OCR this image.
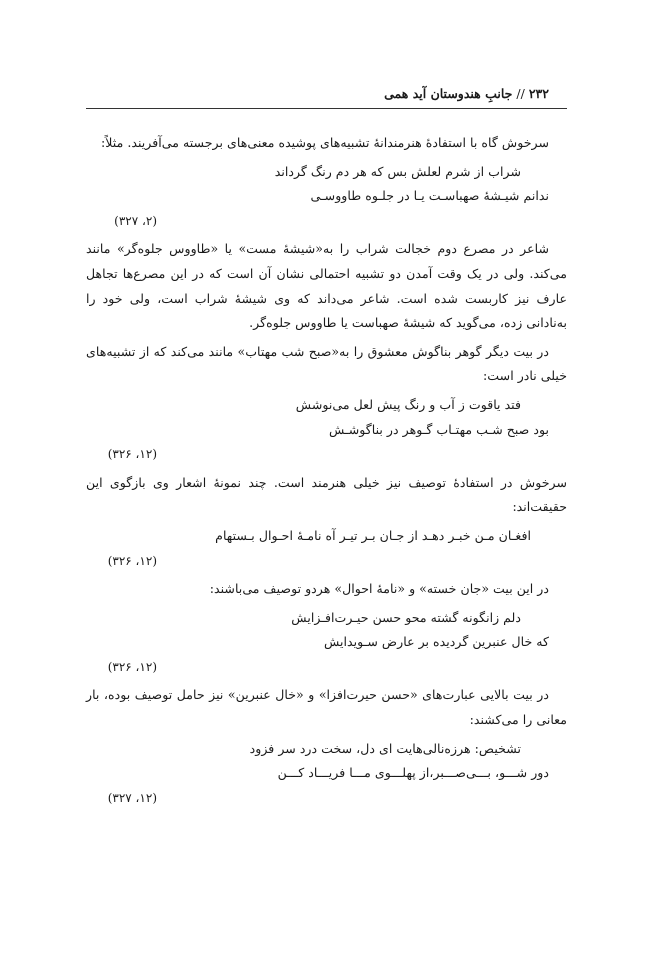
۲۳۲
//
جانبِ هندوستان آید همی

سرخوش گاه با استفادهٔ هنرمندانهٔ تشبیه‌های پوشیده معنی‌های برجسته می‌آفریند. مثلاً:

شراب از شرم لعلش بس که هر دم رنگ گرداند

ندانم شیـشهٔ صهباسـت یـا در جلـوه طاووسـی

(۲، ۳۲۷)

شاعر در مصرع دوم خجالت شراب را به«شیشهٔ مست» یا «طاووس جلوه‌گر» مانند می‌کند. ولی در یک وقت آمدن دو تشبیه احتمالی نشان آن است که در این مصرع‌ها تجاهل عارف نیز کاربست شده است. شاعر می‌داند که وی شیشهٔ شراب است، ولی خود را به‌نادانی زده، می‌گوید که شیشهٔ صهباست یا طاووس جلوه‌گر.

در بیت دیگر گوهر بناگوش معشوق را به«صبح شب مهتاب» مانند می‌کند که از تشبیه‌های خیلی نادر است:

فتد یاقوت ز آب و رنگ پیش لعل می‌نوشش

بود صبح شـب مهتـاب گـوهر در بناگوشـش

(۱۲، ۳۲۶)

سرخوش در استفادهٔ توصیف نیز خیلی هنرمند است. چند نمونهٔ اشعار وی بازگوی این حقیقت‌اند:

افغـان مـن خبـر دهـد از جـان بـر تیـر آه نامـهٔ احـوال بـستهام

(۱۲، ۳۲۶)

در این بیت «جان خسته» و «نامهٔ احوال» هردو توصیف می‌باشند:

دلم زانگونه گشته محو حسن حیـرت‌افـزایش

که خال عنبرین گردیده بر عارض سـویدایش

(۱۲، ۳۲۶)

در بیت بالایی عبارت‌های «حسن حیرت‌افزا» و «خال عنبرین» نیز حامل توصیف بوده، بار معانی را می‌کشند:

تشخیص: هرزه‌نالی‌هایت ای دل، سخت درد سر فزود

دور شـــو، بـــی‌صـــبر،از پهلـــوی مـــا فریـــاد کـــن

(۱۲، ۳۲۷)
